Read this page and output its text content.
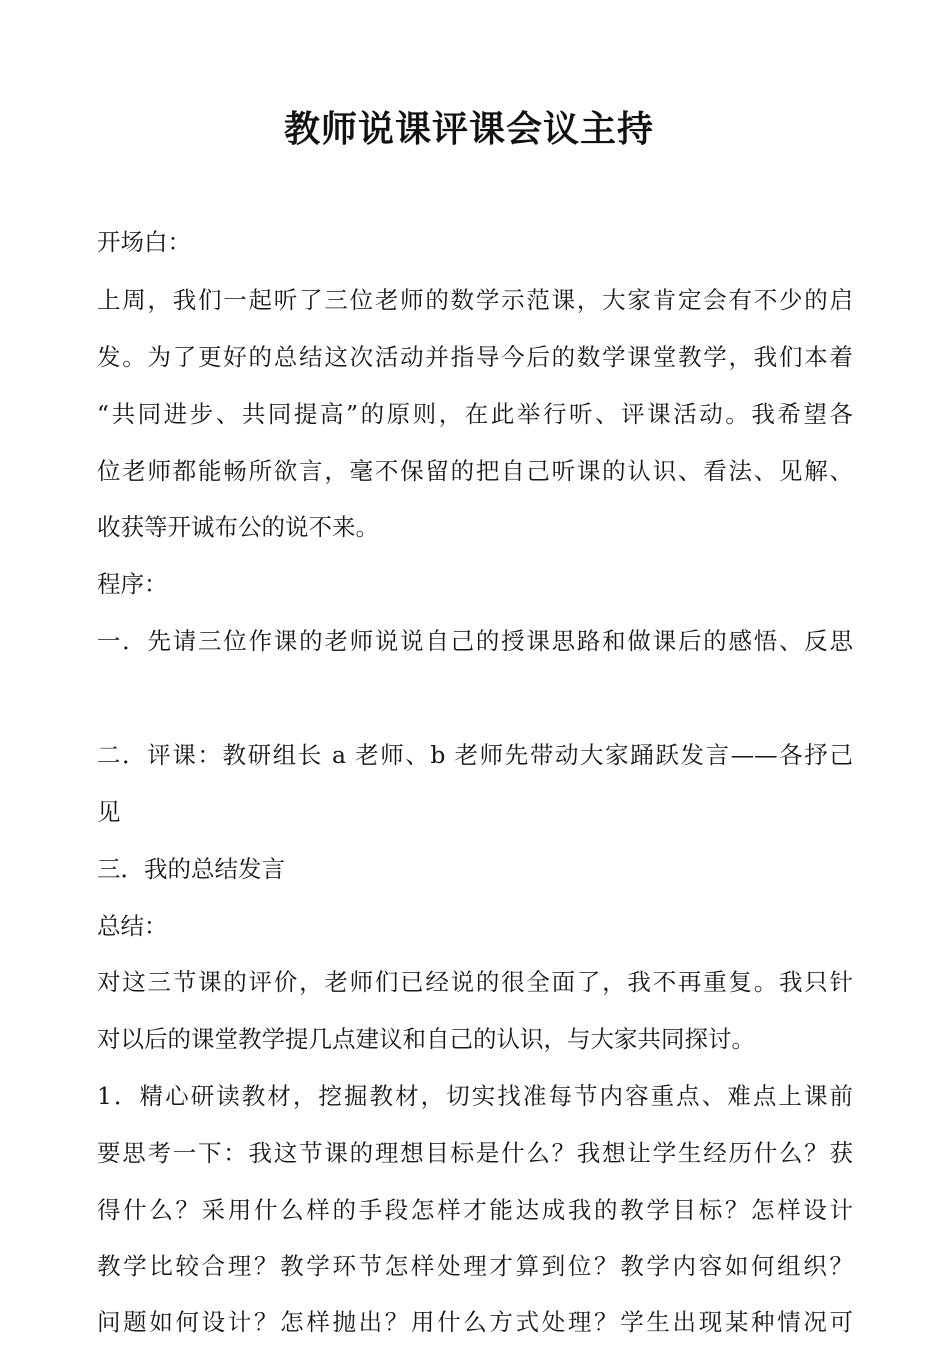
教师说课评课会议主持

开场白：

上周，我们一起听了三位老师的数学示范课，大家肯定会有不少的启

发。为了更好的总结这次活动并指导今后的数学课堂教学，我们本着

“共同进步、共同提高”的原则，在此举行听、评课活动。我希望各

位老师都能畅所欲言，毫不保留的把自己听课的认识、看法、见解、

收获等开诚布公的说不来。

程序：

一．先请三位作课的老师说说自己的授课思路和做课后的感悟、反思

二．评课：教研组长 a 老师、b 老师先带动大家踊跃发言——各抒己

见

三．我的总结发言

总结：

对这三节课的评价，老师们已经说的很全面了，我不再重复。我只针

对以后的课堂教学提几点建议和自己的认识，与大家共同探讨。

1．精心研读教材，挖掘教材，切实找准每节内容重点、难点上课前

要思考一下：我这节课的理想目标是什么？我想让学生经历什么？获

得什么？采用什么样的手段怎样才能达成我的教学目标？怎样设计

教学比较合理？教学环节怎样处理才算到位？教学内容如何组织？

问题如何设计？怎样抛出？用什么方式处理？学生出现某种情况可
